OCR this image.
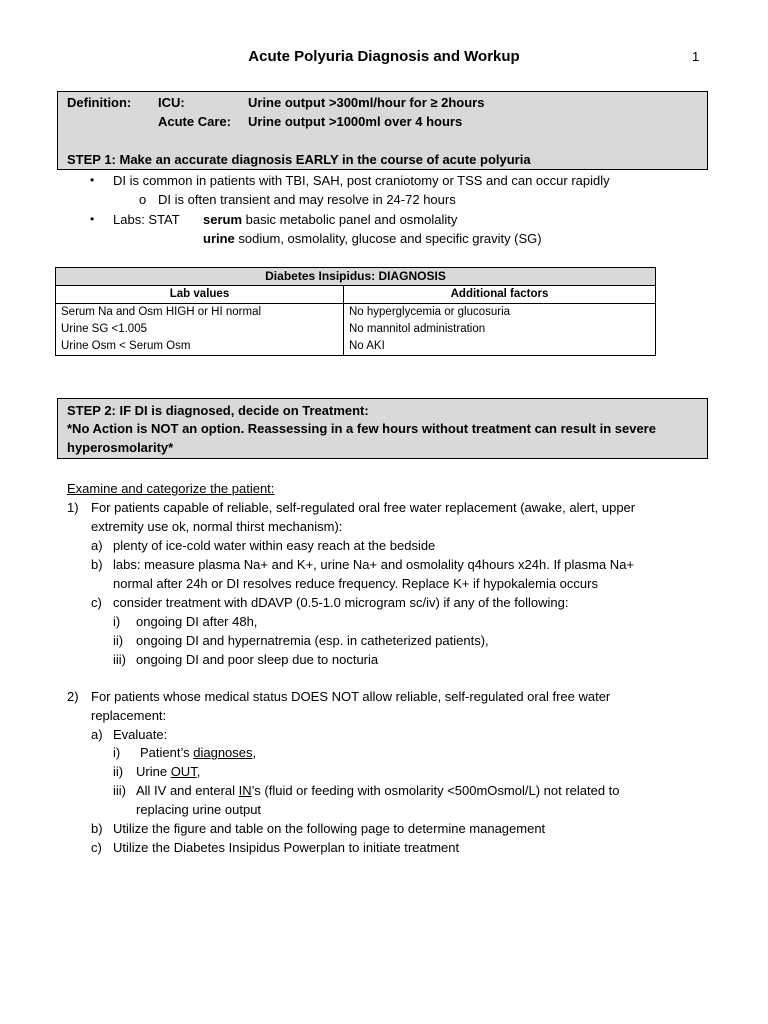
Acute Polyuria Diagnosis and Workup	1
Definition: ICU:	Urine output >300ml/hour for ≥ 2hours
Acute Care: Urine output >1000ml over 4 hours
STEP 1: Make an accurate diagnosis EARLY in the course of acute polyuria
• DI is common in patients with TBI, SAH, post craniotomy or TSS and can occur rapidly
o DI is often transient and may resolve in 24-72 hours
• Labs: STAT serum basic metabolic panel and osmolality
urine sodium, osmolality, glucose and specific gravity (SG)
Diabetes Insipidus: DIAGNOSIS	
Lab values	Additional factors
Serum Na and Osm HIGH or HI normal	No hyperglycemia or glucosuria
Urine SG <1.005	No mannitol administration
Urine Osm < Serum Osm	No AKI
STEP 2: IF DI is diagnosed, decide on Treatment:
*No Action is NOT an option. Reassessing in a few hours without treatment can result in severe
hyperosmolarity*
Examine and categorize the patient:
1) For patients capable of reliable, self-regulated oral free water replacement (awake, alert, upper
extremity use ok, normal thirst mechanism):
a) plenty of ice-cold water within easy reach at the bedside
b) labs: measure plasma Na+ and K+, urine Na+ and osmolality q4hours x24h. If plasma Na+
normal after 24h or DI resolves reduce frequency. Replace K+ if hypokalemia occurs
c) consider treatment with dDAVP (0.5-1.0 microgram sc/iv) if any of the following:
i) ongoing DI after 48h,
ii) ongoing DI and hypernatremia (esp. in catheterized patients),
iii) ongoing DI and poor sleep due to nocturia
2) For patients whose medical status DOES NOT allow reliable, self-regulated oral free water
replacement:
a) Evaluate:
i) Patient’s diagnoses,
ii) Urine OUT,
iii) All IV and enteral IN’s (fluid or feeding with osmolarity <500mOsmol/L) not related to
replacing urine output
b) Utilize the figure and table on the following page to determine management
c) Utilize the Diabetes Insipidus Powerplan to initiate treatment
